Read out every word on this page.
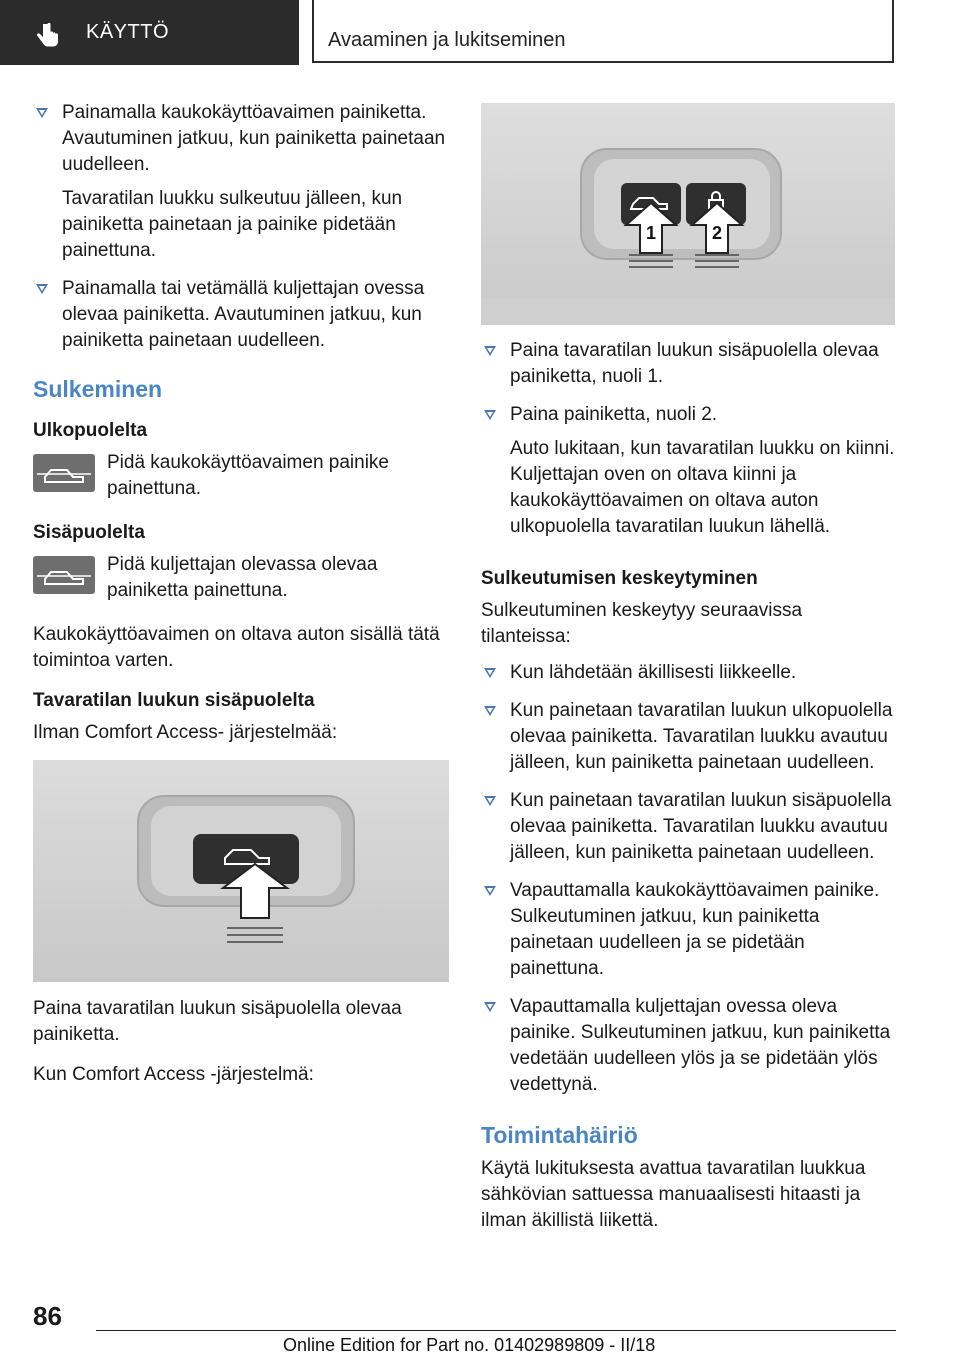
KÄYTTÖ	Avaaminen ja lukitseminen
1	2

Painamalla kaukokäyttöavaimen painiketta. Avautuminen jatkuu, kun painiketta painetaan uudelleen.

Tavaratilan luukku sulkeutuu jälleen, kun painiketta painetaan ja painike pidetään painettuna.

Painamalla tai vetämällä kuljettajan ovessa olevaa painiketta. Avautuminen jatkuu, kun painiketta painetaan uudelleen.

Sulkeminen
Ulkopuolelta
Pidä kaukokäyttöavaimen painike painettuna.
Sisäpuolelta
Pidä kuljettajan olevassa olevaa painiketta painettuna.
Kaukokäyttöavaimen on oltava auton sisällä tätä toimintoa varten.
Tavaratilan luukun sisäpuolelta
Ilman Comfort Access- järjestelmää:
Paina tavaratilan luukun sisäpuolella olevaa painiketta.
Kun Comfort Access -järjestelmä:

Paina tavaratilan luukun sisäpuolella olevaa painiketta, nuoli 1.

Paina painiketta, nuoli 2.

Auto lukitaan, kun tavaratilan luukku on kiinni. Kuljettajan oven on oltava kiinni ja kaukokäyttöavaimen on oltava auton ulkopuolella tavaratilan luukun lähellä.

Sulkeutumisen keskeytyminen
Sulkeutuminen keskeytyy seuraavissa tilanteissa:

Kun lähdetään äkillisesti liikkeelle.

Kun painetaan tavaratilan luukun ulkopuolella olevaa painiketta. Tavaratilan luukku avautuu jälleen, kun painiketta painetaan uudelleen.

Kun painetaan tavaratilan luukun sisäpuolella olevaa painiketta. Tavaratilan luukku avautuu jälleen, kun painiketta painetaan uudelleen.

Vapauttamalla kaukokäyttöavaimen painike. Sulkeutuminen jatkuu, kun painiketta painetaan uudelleen ja se pidetään painettuna.

Vapauttamalla kuljettajan ovessa oleva painike. Sulkeutuminen jatkuu, kun painiketta vedetään uudelleen ylös ja se pidetään ylös vedettynä.

Toimintahäiriö
Käytä lukituksesta avattua tavaratilan luukkua sähkövian sattuessa manuaalisesti hitaasti ja ilman äkillistä liikettä.
86
Online Edition for Part no. 01402989809 - II/18
